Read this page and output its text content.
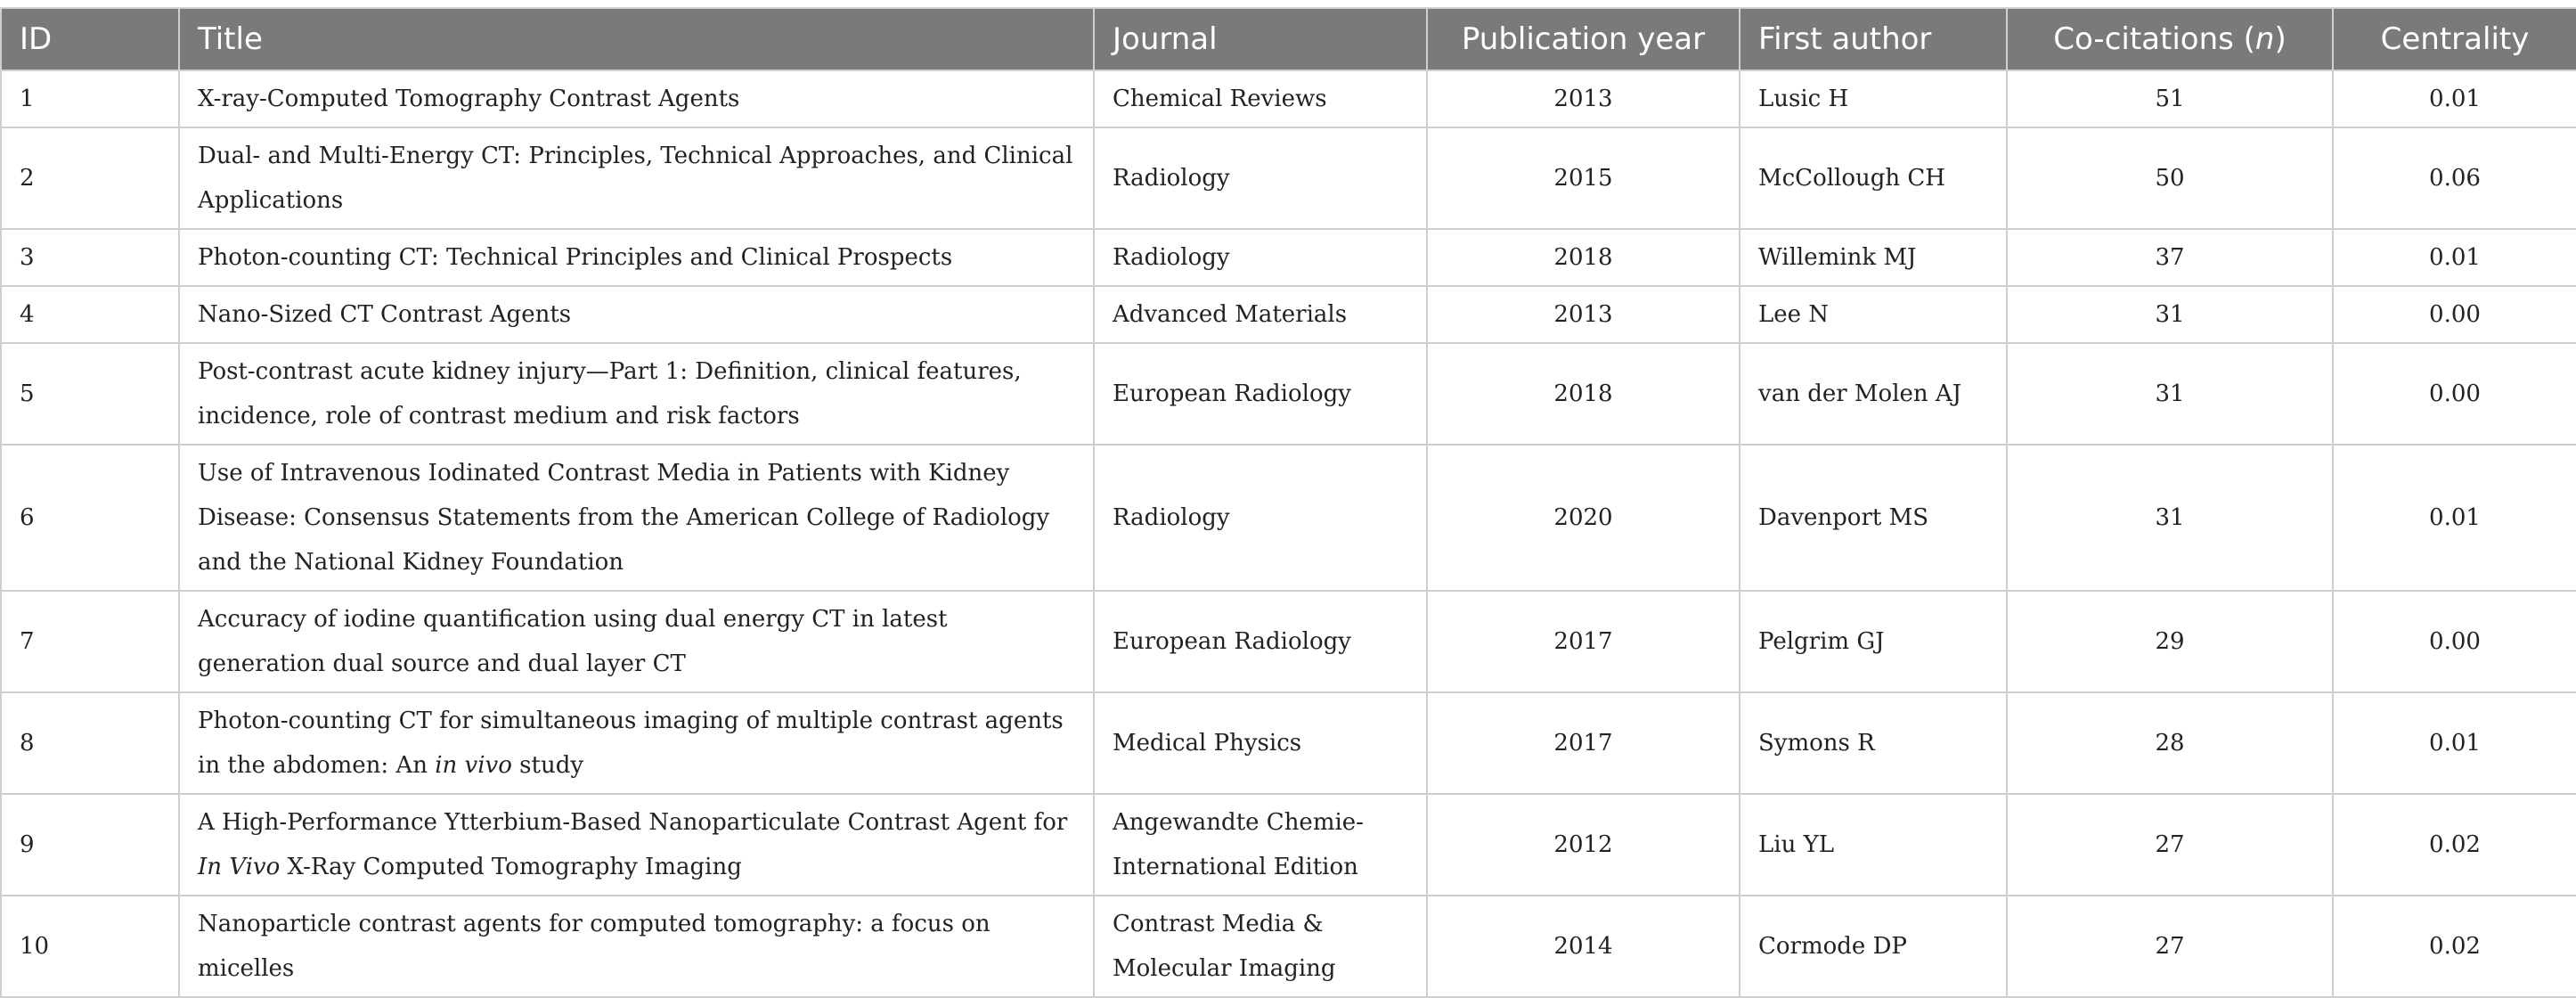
ID	Title	Journal	Publication year	First author	Co-citations (n)	Centrality
1	X-ray-Computed Tomography Contrast Agents	Chemical Reviews	2013	Lusic H	51	0.01
2	Dual- and Multi-Energy CT: Principles, Technical Approaches, and Clinical Applications	Radiology	2015	McCollough CH	50	0.06
3	Photon-counting CT: Technical Principles and Clinical Prospects	Radiology	2018	Willemink MJ	37	0.01
4	Nano-Sized CT Contrast Agents	Advanced Materials	2013	Lee N	31	0.00
5	Post-contrast acute kidney injury—Part 1: Definition, clinical features, incidence, role of contrast medium and risk factors	European Radiology	2018	van der Molen AJ	31	0.00
6	Use of Intravenous Iodinated Contrast Media in Patients with Kidney Disease: Consensus Statements from the American College of Radiology and the National Kidney Foundation	Radiology	2020	Davenport MS	31	0.01
7	Accuracy of iodine quantification using dual energy CT in latest generation dual source and dual layer CT	European Radiology	2017	Pelgrim GJ	29	0.00
8	Photon-counting CT for simultaneous imaging of multiple contrast agents in the abdomen: An in vivo study	Medical Physics	2017	Symons R	28	0.01
9	A High-Performance Ytterbium-Based Nanoparticulate Contrast Agent for In Vivo X-Ray Computed Tomography Imaging	Angewandte Chemie-International Edition	2012	Liu YL	27	0.02
10	Nanoparticle contrast agents for computed tomography: a focus on micelles	Contrast Media & Molecular Imaging	2014	Cormode DP	27	0.02
